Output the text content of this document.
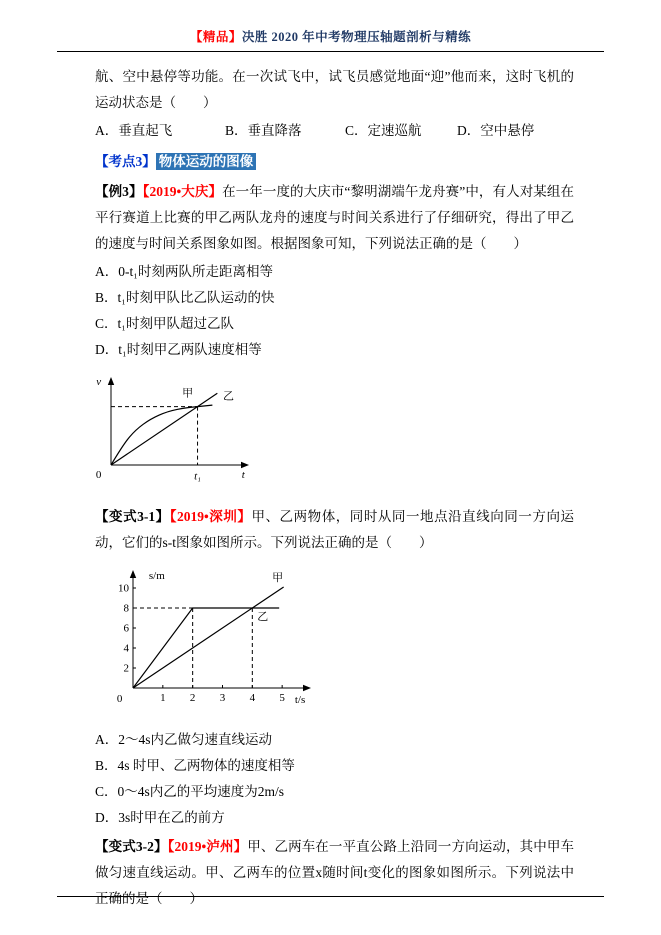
【精品】决胜 2020 年中考物理压轴题剖析与精练

航、空中悬停等功能。在一次试飞中，试飞员感觉地面“迎”他而来，这时飞机的运动状态是（　　）

A．垂直起飞	B．垂直降落	C．定速巡航	D．空中悬停
【考点3】 物体运动的图像

【例3】【2019•大庆】在一年一度的大庆市“黎明湖端午龙舟赛”中，有人对某组在平行赛道上比赛的甲乙两队龙舟的速度与时间关系进行了仔细研究，得出了甲乙的速度与时间关系图象如图。根据图象可知，下列说法正确的是（　　）

A．0-t₁时刻两队所走距离相等

B．t₁时刻甲队比乙队运动的快

C．t₁时刻甲队超过乙队

D．t₁时刻甲乙两队速度相等

v
t
0
甲	乙
t₁

【变式3-1】【2019•深圳】甲、乙两物体，同时从同一地点沿直线向同一方向运动，它们的s-t图象如图所示。下列说法正确的是（　　）

1 2 3 4 5
2
4
6
8
10
s/m
t/s
0
甲
乙

A．2～4s内乙做匀速直线运动

B．4s 时甲、乙两物体的速度相等

C．0～4s内乙的平均速度为2m/s

D．3s时甲在乙的前方

【变式3-2】【2019•泸州】甲、乙两车在一平直公路上沿同一方向运动，其中甲车做匀速直线运动。甲、乙两车的位置x随时间t变化的图象如图所示。下列说法中正确的是（　　）
